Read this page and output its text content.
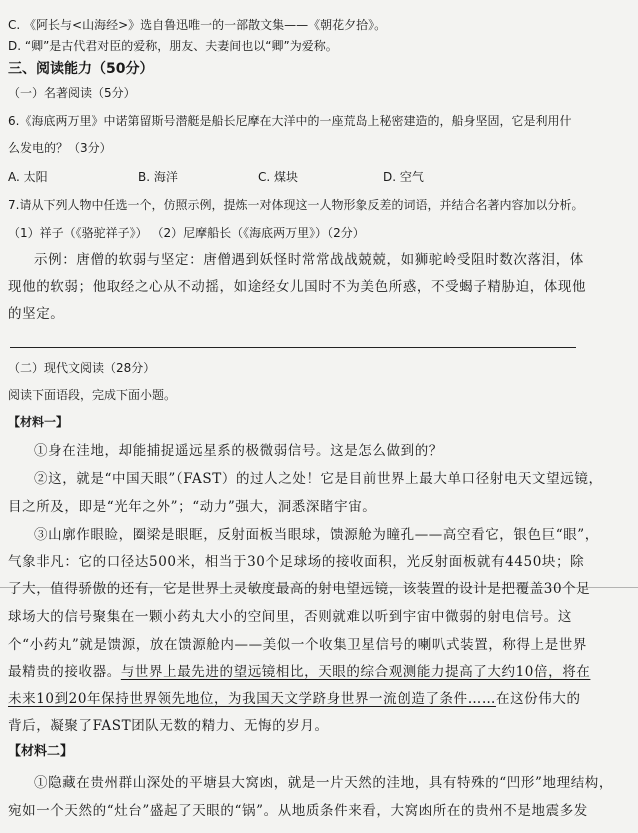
C. 《阿长与<山海经>》选自鲁迅唯一的一部散文集——《朝花夕拾》。
D. “卿”是古代君对臣的爱称，朋友、夫妻间也以“卿”为爱称。
三、阅读能力（50分）
（一）名著阅读（5分）
6.《海底两万里》中诺第留斯号潜艇是船长尼摩在大洋中的一座荒岛上秘密建造的，船身坚固，它是利用什
么发电的？（3分）
A. 太阳	B. 海洋	C. 煤块	D. 空气
7.请从下列人物中任选一个，仿照示例，提炼一对体现这一人物形象反差的词语，并结合名著内容加以分析。
（1）祥子（《骆驼祥子》） （2）尼摩船长（《海底两万里》）（2分）
示例：唐僧的软弱与坚定：唐僧遇到妖怪时常常战战兢兢，如狮驼岭受阻时数次落泪，体
现他的软弱；他取经之心从不动摇，如途经女儿国时不为美色所惑，不受蝎子精胁迫，体现他
的坚定。
（二）现代文阅读（28分）
阅读下面语段，完成下面小题。
【材料一】
①身在洼地，却能捕捉遥远星系的极微弱信号。这是怎么做到的？
②这，就是“中国天眼”（FAST）的过人之处！它是目前世界上最大单口径射电天文望远镜，
目之所及，即是“光年之外”；“动力”强大，洞悉深睹宇宙。
③山廓作眼睑，圈梁是眼眶，反射面板当眼球，馈源舱为瞳孔——高空看它，银色巨“眼”，
气象非凡：它的口径达500米，相当于30个足球场的接收面积，光反射面板就有4450块；除
了大，值得骄傲的还有，它是世界上灵敏度最高的射电望远镜，该装置的设计是把覆盖30个足
球场大的信号聚集在一颗小药丸大小的空间里，否则就难以听到宇宙中微弱的射电信号。这
个“小药丸”就是馈源，放在馈源舱内——美似一个收集卫星信号的喇叭式装置，称得上是世界
最精贵的接收器。与世界上最先进的望远镜相比，天眼的综合观测能力提高了大约10倍，将在
未来10到20年保持世界领先地位，为我国天文学跻身世界一流创造了条件……在这份伟大的
背后，凝聚了FAST团队无数的精力、无悔的岁月。
【材料二】
①隐藏在贵州群山深处的平塘县大窝凼，就是一片天然的洼地，具有特殊的“凹形”地理结构，
宛如一个天然的“灶台”盛起了天眼的“锅”。从地质条件来看，大窝凼所在的贵州不是地震多发
